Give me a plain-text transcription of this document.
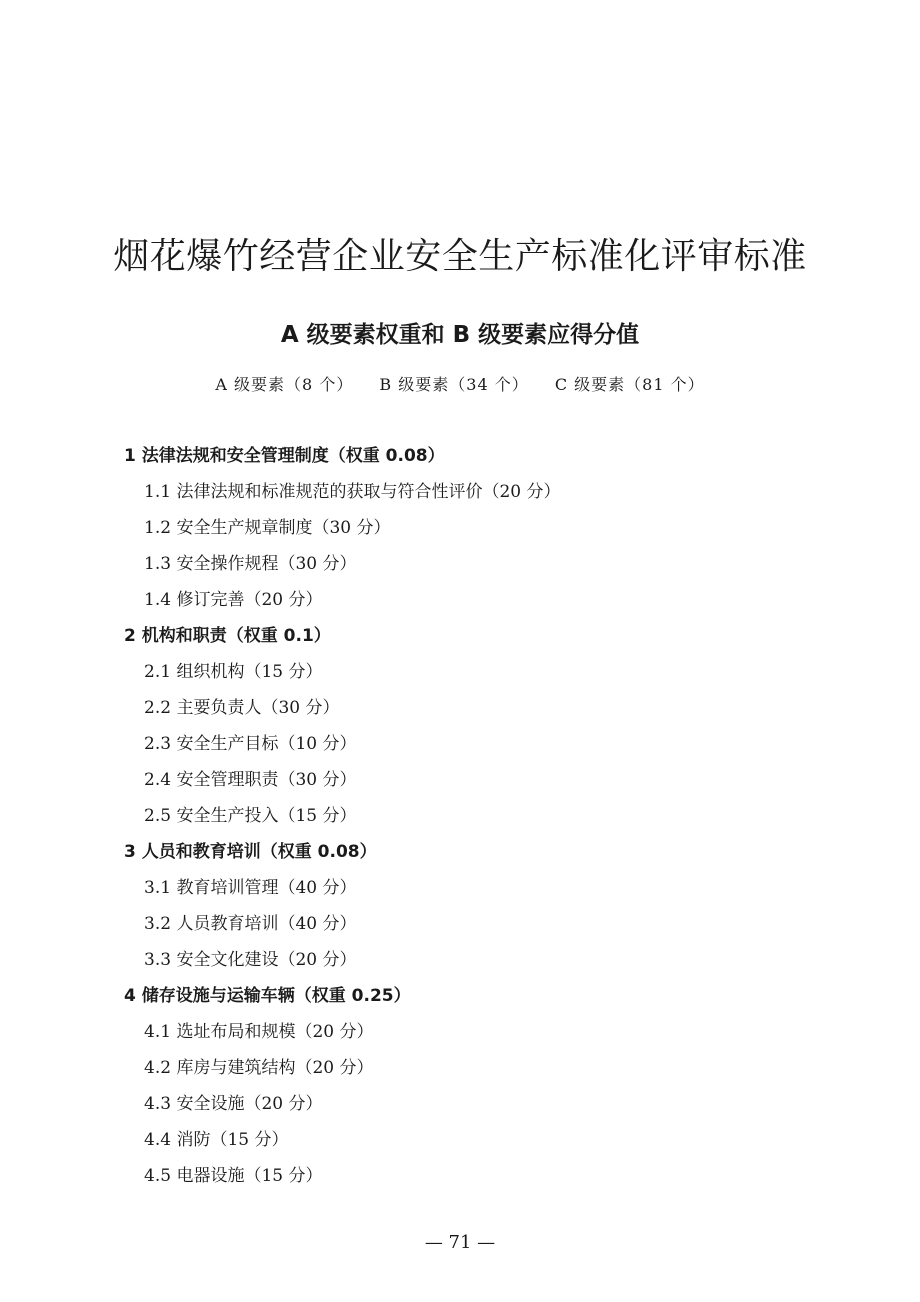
烟花爆竹经营企业安全生产标准化评审标准
A 级要素权重和 B 级要素应得分值
A 级要素（8 个） B 级要素（34 个） C 级要素（81 个）
1 法律法规和安全管理制度（权重 0.08）
1.1 法律法规和标准规范的获取与符合性评价（20 分）
1.2 安全生产规章制度（30 分）
1.3 安全操作规程（30 分）
1.4 修订完善（20 分）
2 机构和职责（权重 0.1）
2.1 组织机构（15 分）
2.2 主要负责人（30 分）
2.3 安全生产目标（10 分）
2.4 安全管理职责（30 分）
2.5 安全生产投入（15 分）
3 人员和教育培训（权重 0.08）
3.1 教育培训管理（40 分）
3.2 人员教育培训（40 分）
3.3 安全文化建设（20 分）
4 储存设施与运输车辆（权重 0.25）
4.1 选址布局和规模（20 分）
4.2 库房与建筑结构（20 分）
4.3 安全设施（20 分）
4.4 消防（15 分）
4.5 电器设施（15 分）
— 71 —
